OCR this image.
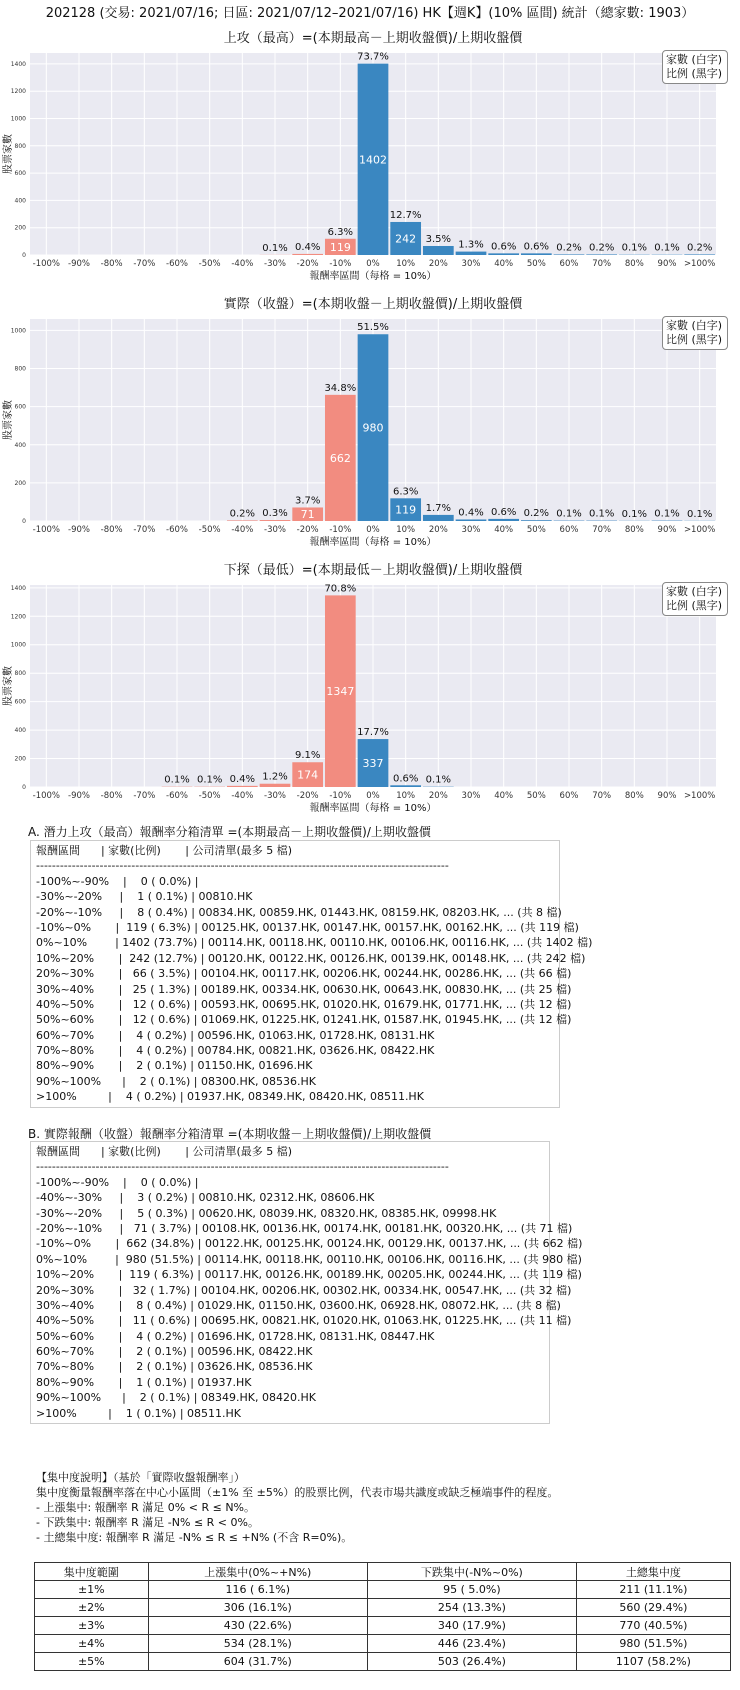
202128 (交易: 2021/07/16; 日區: 2021/07/12–2021/07/16) HK【週K】(10% 區間) 統計（總家數: 1903）
上攻（最高）=(本期最高－上期收盤價)/上期收盤價
0
200
400
600
800
1000
1200
1400
-100% -90% -80% -70% -60% -50% -40%
0.1%
-30%
0.4%
-20%
119
6.3%
-10%
1402
73.7%
0%
242
12.7%
10%
3.5%
20%
1.3%
30%
0.6%
40%
0.6%
50%
0.2%
60%
0.2%
70%
0.1%
80%
0.1%
90%
0.2%
>100%
報酬率區間（每格 = 10%）
股票家數
家數 (白字)
比例 (黑字)
實際（收盤）=(本期收盤－上期收盤價)/上期收盤價
0
200
400
600
800
1000
-100% -90% -80% -70% -60% -50%
0.2%
-40%
0.3%
-30%
71
3.7%
-20%
662
34.8%
-10%
980
51.5%
0%
119
6.3%
10%
1.7%
20%
0.4%
30%
0.6%
40%
0.2%
50%
0.1%
60%
0.1%
70%
0.1%
80%
0.1%
90%
0.1%
>100%
報酬率區間（每格 = 10%）
股票家數
家數 (白字)
比例 (黑字)
下探（最低）=(本期最低－上期收盤價)/上期收盤價
0
200
400
600
800
1000
1200
1400
-100% -90% -80% -70%
0.1%
-60%
0.1%
-50%
0.4%
-40%
1.2%
-30%
174
9.1%
-20%
1347
70.8%
-10%
337
17.7%
0%
0.6%
10%
0.1%
20% 30% 40% 50% 60% 70% 80% 90% >100%
報酬率區間（每格 = 10%）
股票家數
家數 (白字)
比例 (黑字)
A. 潛力上攻（最高）報酬率分箱清單 =(本期最高－上期收盤價)/上期收盤價
報酬區間      | 家數(比例)       | 公司清單(最多 5 檔)
--------------------------------------------------------------------------------------------------------
-100%~-90%    |    0 ( 0.0%) |
-30%~-20%     |    1 ( 0.1%) | 00810.HK
-20%~-10%     |    8 ( 0.4%) | 00834.HK, 00859.HK, 01443.HK, 08159.HK, 08203.HK, ... (共 8 檔)
-10%~0%       |  119 ( 6.3%) | 00125.HK, 00137.HK, 00147.HK, 00157.HK, 00162.HK, ... (共 119 檔)
0%~10%        | 1402 (73.7%) | 00114.HK, 00118.HK, 00110.HK, 00106.HK, 00116.HK, ... (共 1402 檔)
10%~20%       |  242 (12.7%) | 00120.HK, 00122.HK, 00126.HK, 00139.HK, 00148.HK, ... (共 242 檔)
20%~30%       |   66 ( 3.5%) | 00104.HK, 00117.HK, 00206.HK, 00244.HK, 00286.HK, ... (共 66 檔)
30%~40%       |   25 ( 1.3%) | 00189.HK, 00334.HK, 00630.HK, 00643.HK, 00830.HK, ... (共 25 檔)
40%~50%       |   12 ( 0.6%) | 00593.HK, 00695.HK, 01020.HK, 01679.HK, 01771.HK, ... (共 12 檔)
50%~60%       |   12 ( 0.6%) | 01069.HK, 01225.HK, 01241.HK, 01587.HK, 01945.HK, ... (共 12 檔)
60%~70%       |    4 ( 0.2%) | 00596.HK, 01063.HK, 01728.HK, 08131.HK
70%~80%       |    4 ( 0.2%) | 00784.HK, 00821.HK, 03626.HK, 08422.HK
80%~90%       |    2 ( 0.1%) | 01150.HK, 01696.HK
90%~100%      |    2 ( 0.1%) | 08300.HK, 08536.HK
>100%         |    4 ( 0.2%) | 01937.HK, 08349.HK, 08420.HK, 08511.HK
B. 實際報酬（收盤）報酬率分箱清單 =(本期收盤－上期收盤價)/上期收盤價
報酬區間      | 家數(比例)       | 公司清單(最多 5 檔)
--------------------------------------------------------------------------------------------------------
-100%~-90%    |    0 ( 0.0%) |
-40%~-30%     |    3 ( 0.2%) | 00810.HK, 02312.HK, 08606.HK
-30%~-20%     |    5 ( 0.3%) | 00620.HK, 08039.HK, 08320.HK, 08385.HK, 09998.HK
-20%~-10%     |   71 ( 3.7%) | 00108.HK, 00136.HK, 00174.HK, 00181.HK, 00320.HK, ... (共 71 檔)
-10%~0%       |  662 (34.8%) | 00122.HK, 00125.HK, 00124.HK, 00129.HK, 00137.HK, ... (共 662 檔)
0%~10%        |  980 (51.5%) | 00114.HK, 00118.HK, 00110.HK, 00106.HK, 00116.HK, ... (共 980 檔)
10%~20%       |  119 ( 6.3%) | 00117.HK, 00126.HK, 00189.HK, 00205.HK, 00244.HK, ... (共 119 檔)
20%~30%       |   32 ( 1.7%) | 00104.HK, 00206.HK, 00302.HK, 00334.HK, 00547.HK, ... (共 32 檔)
30%~40%       |    8 ( 0.4%) | 01029.HK, 01150.HK, 03600.HK, 06928.HK, 08072.HK, ... (共 8 檔)
40%~50%       |   11 ( 0.6%) | 00695.HK, 00821.HK, 01020.HK, 01063.HK, 01225.HK, ... (共 11 檔)
50%~60%       |    4 ( 0.2%) | 01696.HK, 01728.HK, 08131.HK, 08447.HK
60%~70%       |    2 ( 0.1%) | 00596.HK, 08422.HK
70%~80%       |    2 ( 0.1%) | 03626.HK, 08536.HK
80%~90%       |    1 ( 0.1%) | 01937.HK
90%~100%      |    2 ( 0.1%) | 08349.HK, 08420.HK
>100%         |    1 ( 0.1%) | 08511.HK
【集中度說明】（基於「實際收盤報酬率」）
集中度衡量報酬率落在中心小區間（±1% 至 ±5%）的股票比例，代表市場共識度或缺乏極端事件的程度。
- 上漲集中: 報酬率 R 滿足 0% < R ≤ N%。
- 下跌集中: 報酬率 R 滿足 -N% ≤ R < 0%。
- 土總集中度: 報酬率 R 滿足 -N% ≤ R ≤ +N% (不含 R=0%)。
集中度範圍	上漲集中(0%~+N%)	下跌集中(-N%~0%)	土總集中度
±1%	116 ( 6.1%)	95 ( 5.0%)	211 (11.1%)
±2%	306 (16.1%)	254 (13.3%)	560 (29.4%)
±3%	430 (22.6%)	340 (17.9%)	770 (40.5%)
±4%	534 (28.1%)	446 (23.4%)	980 (51.5%)
±5%	604 (31.7%)	503 (26.4%)	1107 (58.2%)
